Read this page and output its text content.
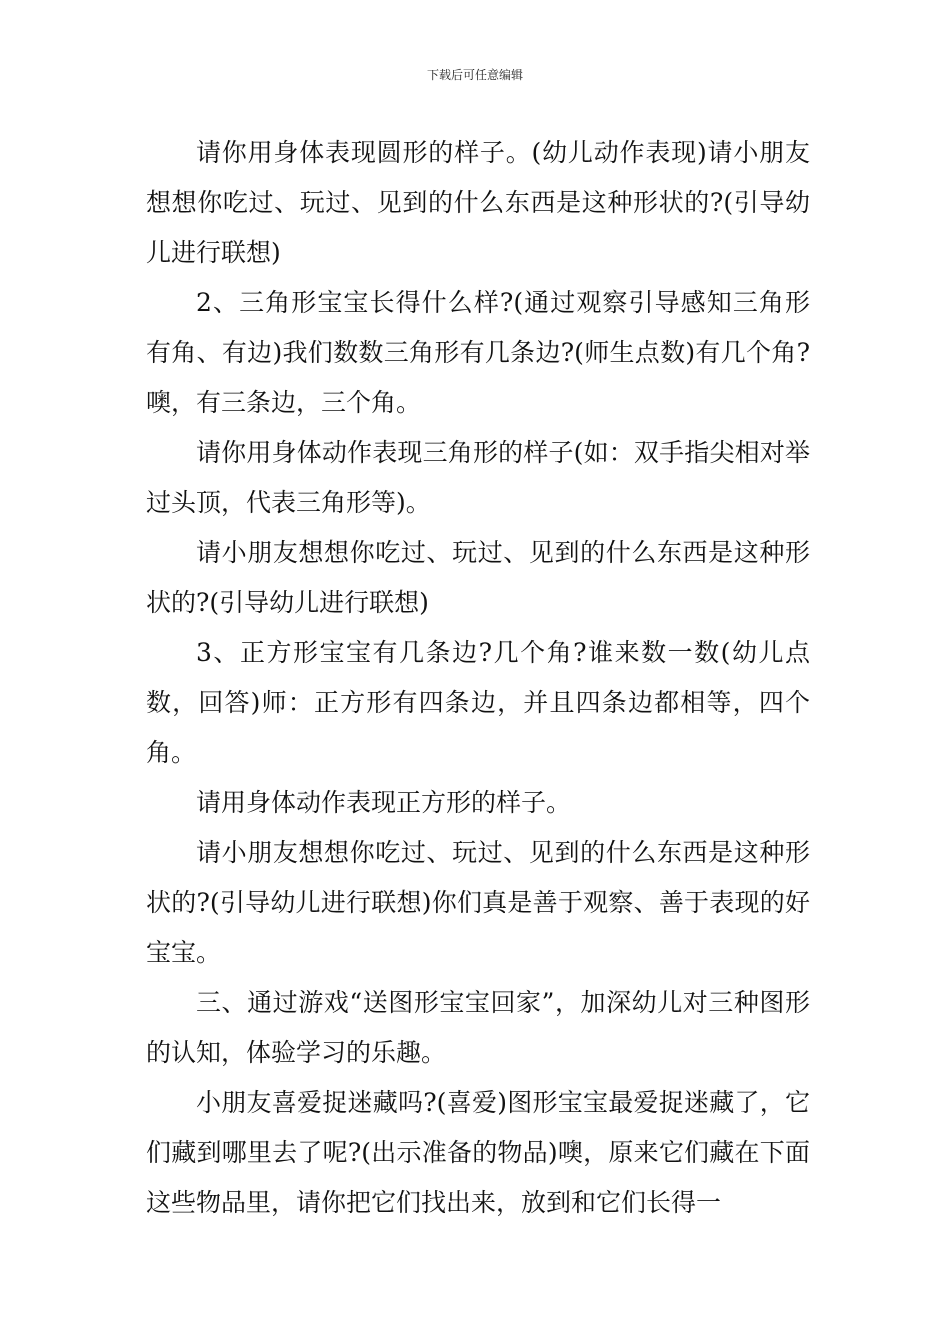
下载后可任意编辑

请你用身体表现圆形的样子。(幼儿动作表现)请小朋友想想你吃过、玩过、见到的什么东西是这种形状的?(引导幼儿进行联想)

2、三角形宝宝长得什么样?(通过观察引导感知三角形有角、有边)我们数数三角形有几条边?(师生点数)有几个角?噢，有三条边，三个角。

请你用身体动作表现三角形的样子(如：双手指尖相对举过头顶，代表三角形等)。

请小朋友想想你吃过、玩过、见到的什么东西是这种形状的?(引导幼儿进行联想)

3、正方形宝宝有几条边?几个角?谁来数一数(幼儿点数，回答)师：正方形有四条边，并且四条边都相等，四个角。

请用身体动作表现正方形的样子。

请小朋友想想你吃过、玩过、见到的什么东西是这种形状的?(引导幼儿进行联想)你们真是善于观察、善于表现的好宝宝。

三、通过游戏“送图形宝宝回家”，加深幼儿对三种图形的认知，体验学习的乐趣。

小朋友喜爱捉迷藏吗?(喜爱)图形宝宝最爱捉迷藏了，它们藏到哪里去了呢?(出示准备的物品)噢，原来它们藏在下面这些物品里，请你把它们找出来，放到和它们长得一
